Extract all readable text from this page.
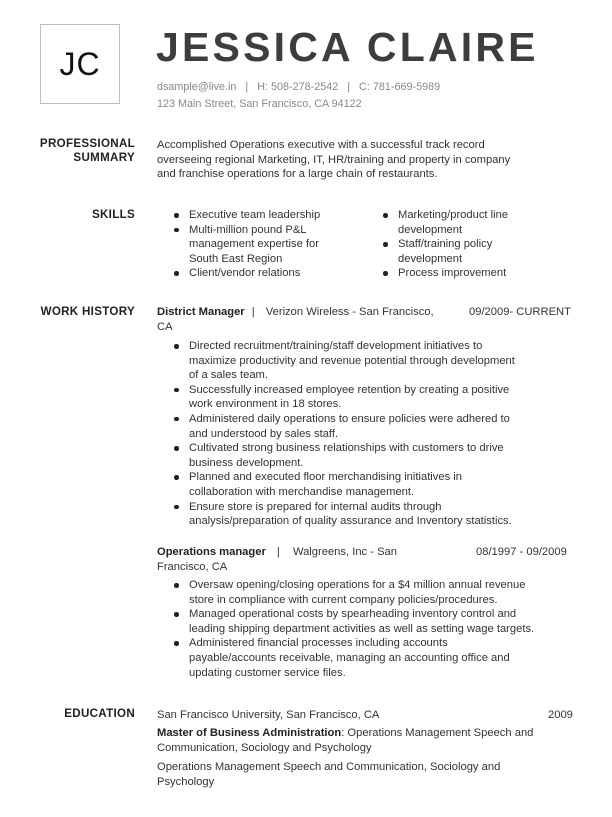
JC	JESSICA CLAIRE
dsample@live.in | H: 508-278-2542 | C: 781-669-5989
123 Main Street, San Francisco, CA 94122
PROFESSIONAL
SUMMARY
Accomplished Operations executive with a successful track record
overseeing regional Marketing, IT, HR/training and property in company
and franchise operations for a large chain of restaurants.
SKILLS	Executive team leadership
Multi-million pound P&L
management expertise for
South East Region
Client/vendor relations
Marketing/product line
development
Staff/training policy
development
Process improvement
WORK HISTORY District Manager | Verizon Wireless - San Francisco,
CA
09/2009- CURRENT
Directed recruitment/training/staff development initiatives to
maximize productivity and revenue potential through development
of a sales team.
Successfully increased employee retention by creating a positive
work environment in 18 stores.
Administered daily operations to ensure policies were adhered to
and understood by sales staff.
Cultivated strong business relationships with customers to drive
business development.
Planned and executed floor merchandising initiatives in
collaboration with merchandise management.
Ensure store is prepared for internal audits through
analysis/preparation of quality assurance and Inventory statistics.
Operations manager | Walgreens, Inc - San
Francisco, CA
08/1997 - 09/2009
Oversaw opening/closing operations for a $4 million annual revenue
store in compliance with current company policies/procedures.
Managed operational costs by spearheading inventory control and
leading shipping department activities as well as setting wage targets.
Administered financial processes including accounts
payable/accounts receivable, managing an accounting office and
updating customer service files.
EDUCATION San Francisco University, San Francisco, CA
Master of Business Administration: Operations Management Speech and
Communication, Sociology and Psychology
Operations Management Speech and Communication, Sociology and
Psychology
2009
